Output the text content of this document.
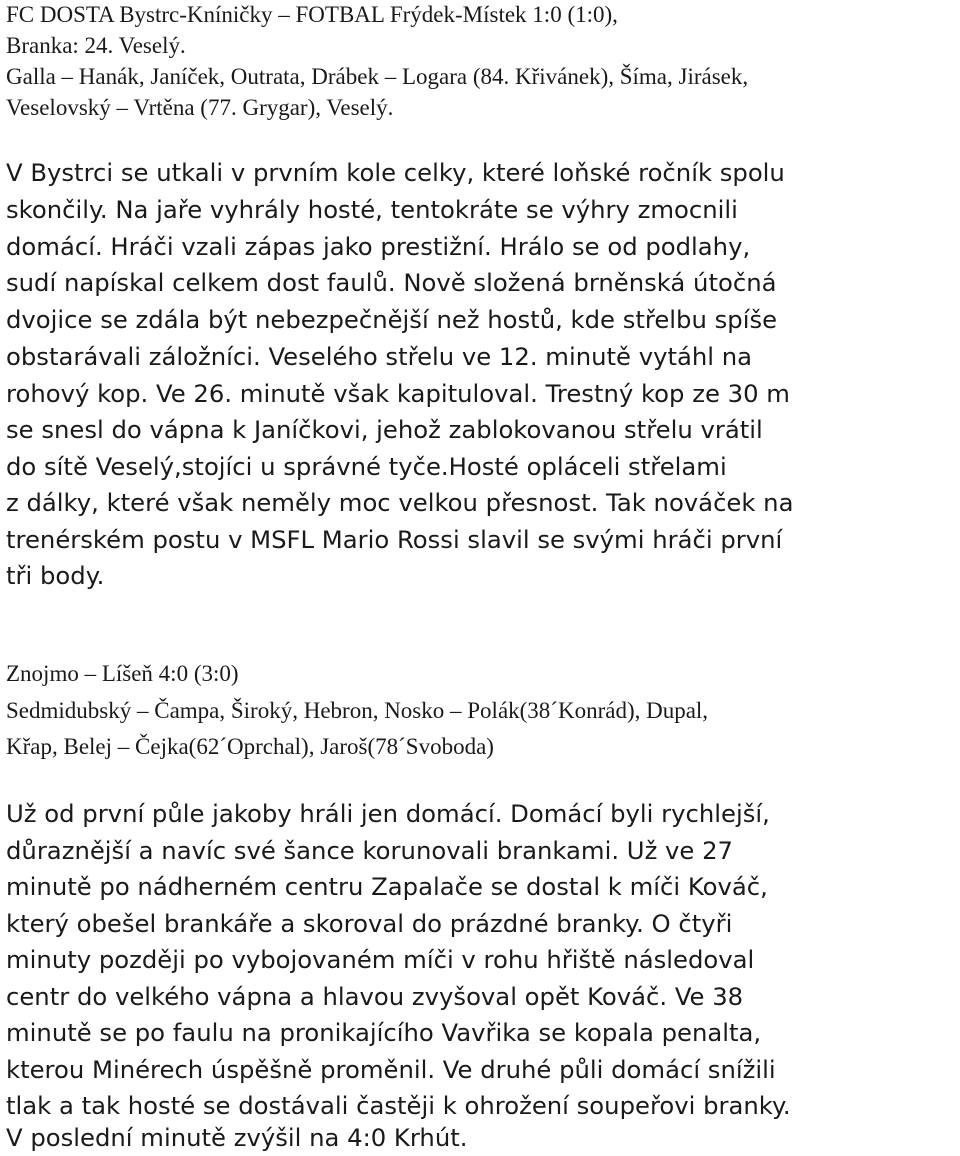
FC DOSTA Bystrc-Kníničky – FOTBAL Frýdek-Místek 1:0 (1:0),

Branka: 24. Veselý.

Galla – Hanák, Janíček, Outrata, Drábek – Logara (84. Křivánek), Šíma, Jirásek,

Veselovský – Vrtěna (77. Grygar), Veselý.

V Bystrci se utkali v prvním kole celky, které loňské ročník spolu

skončily. Na jaře vyhrály hosté, tentokráte se výhry zmocnili

domácí. Hráči vzali zápas jako prestižní. Hrálo se od podlahy,

sudí napískal celkem dost faulů. Nově složená brněnská útočná

dvojice se zdála být nebezpečnější než hostů, kde střelbu spíše

obstarávali záložníci. Veselého střelu ve 12. minutě vytáhl na

rohový kop. Ve 26. minutě však kapituloval. Trestný kop ze 30 m

se snesl do vápna k Janíčkovi, jehož zablokovanou střelu vrátil

do sítě Veselý,stojíci u správné tyče.Hosté opláceli střelami

z dálky, které však neměly moc velkou přesnost. Tak nováček na

trenérském postu v MSFL Mario Rossi slavil se svými hráči první

tři body.

Znojmo – Líšeň 4:0 (3:0)

Sedmidubský – Čampa, Široký, Hebron, Nosko – Polák(38´Konrád), Dupal,

Křap, Belej – Čejka(62´Oprchal), Jaroš(78´Svoboda)

Už od první půle jakoby hráli jen domácí. Domácí byli rychlejší,

důraznější a navíc své šance korunovali brankami. Už ve 27

minutě po nádherném centru Zapalače se dostal k míči Kováč,

který obešel brankáře a skoroval do prázdné branky. O čtyři

minuty později po vybojovaném míči v rohu hřiště následoval

centr do velkého vápna a hlavou zvyšoval opět Kováč. Ve 38

minutě se po faulu na pronikajícího Vavřika se kopala penalta,

kterou Minérech úspěšně proměnil. Ve druhé půli domácí snížili

tlak a tak hosté se dostávali častěji k ohrožení soupeřovi branky.

V poslední minutě zvýšil na 4:0 Krhút.
